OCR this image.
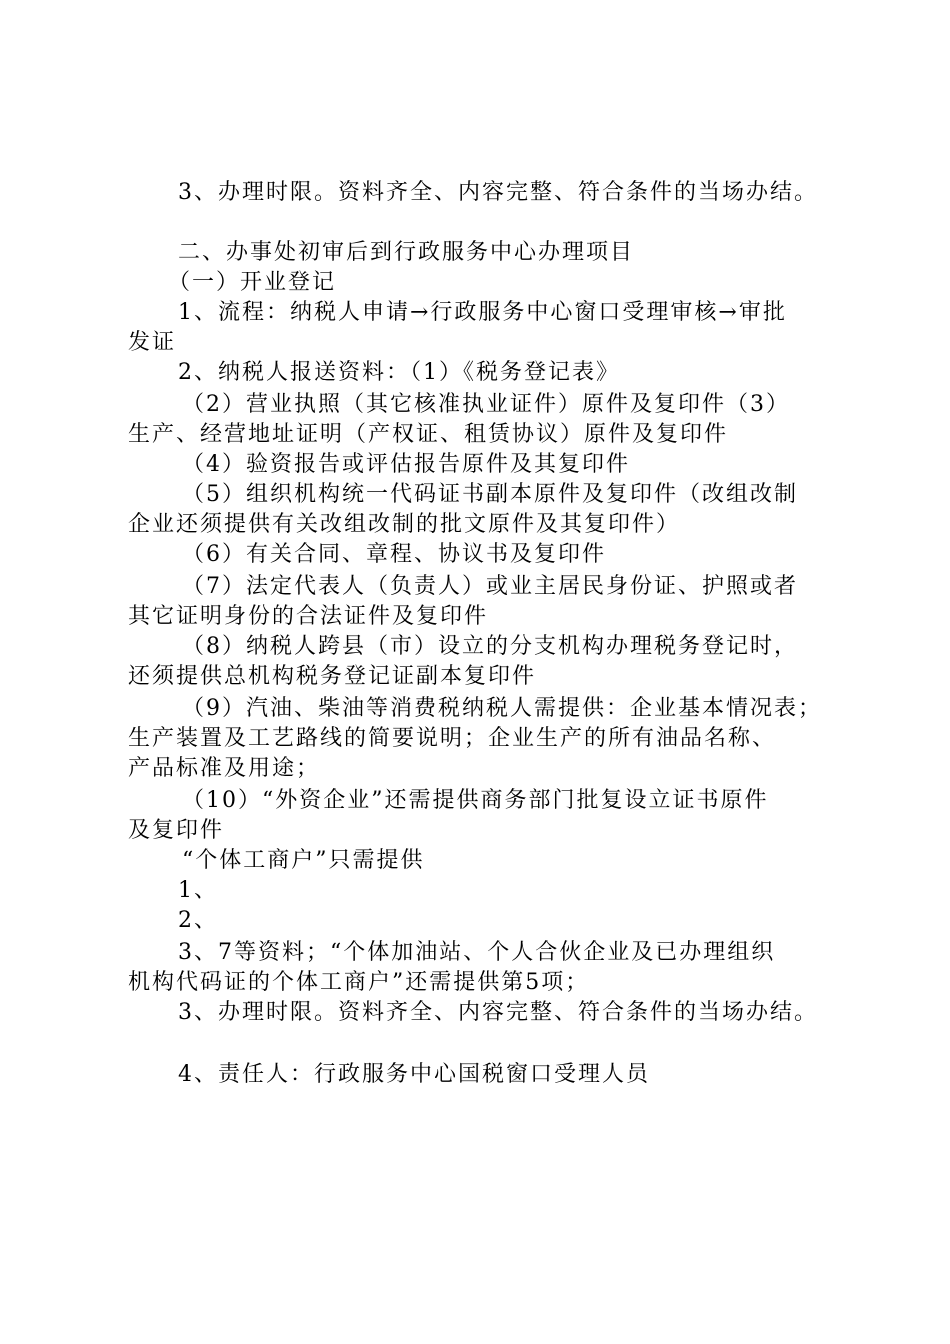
3、办理时限。资料齐全、内容完整、符合条件的当场办结。
二、办事处初审后到行政服务中心办理项目
（一）开业登记
1、流程：纳税人申请→行政服务中心窗口受理审核→审批
发证
2、纳税人报送资料：（1）《税务登记表》
（2）营业执照（其它核准执业证件）原件及复印件（3）
生产、经营地址证明（产权证、租赁协议）原件及复印件
（4）验资报告或评估报告原件及其复印件
（5）组织机构统一代码证书副本原件及复印件（改组改制
企业还须提供有关改组改制的批文原件及其复印件）
（6）有关合同、章程、协议书及复印件
（7）法定代表人（负责人）或业主居民身份证、护照或者
其它证明身份的合法证件及复印件
（8）纳税人跨县（市）设立的分支机构办理税务登记时，
还须提供总机构税务登记证副本复印件
（9）汽油、柴油等消费税纳税人需提供：企业基本情况表；
生产装置及工艺路线的简要说明；企业生产的所有油品名称、
产品标准及用途；
（10）“外资企业”还需提供商务部门批复设立证书原件
及复印件
“个体工商户”只需提供
1、
2、
3、7等资料；“个体加油站、个人合伙企业及已办理组织
机构代码证的个体工商户”还需提供第5项；
3、办理时限。资料齐全、内容完整、符合条件的当场办结。
4、责任人：行政服务中心国税窗口受理人员
